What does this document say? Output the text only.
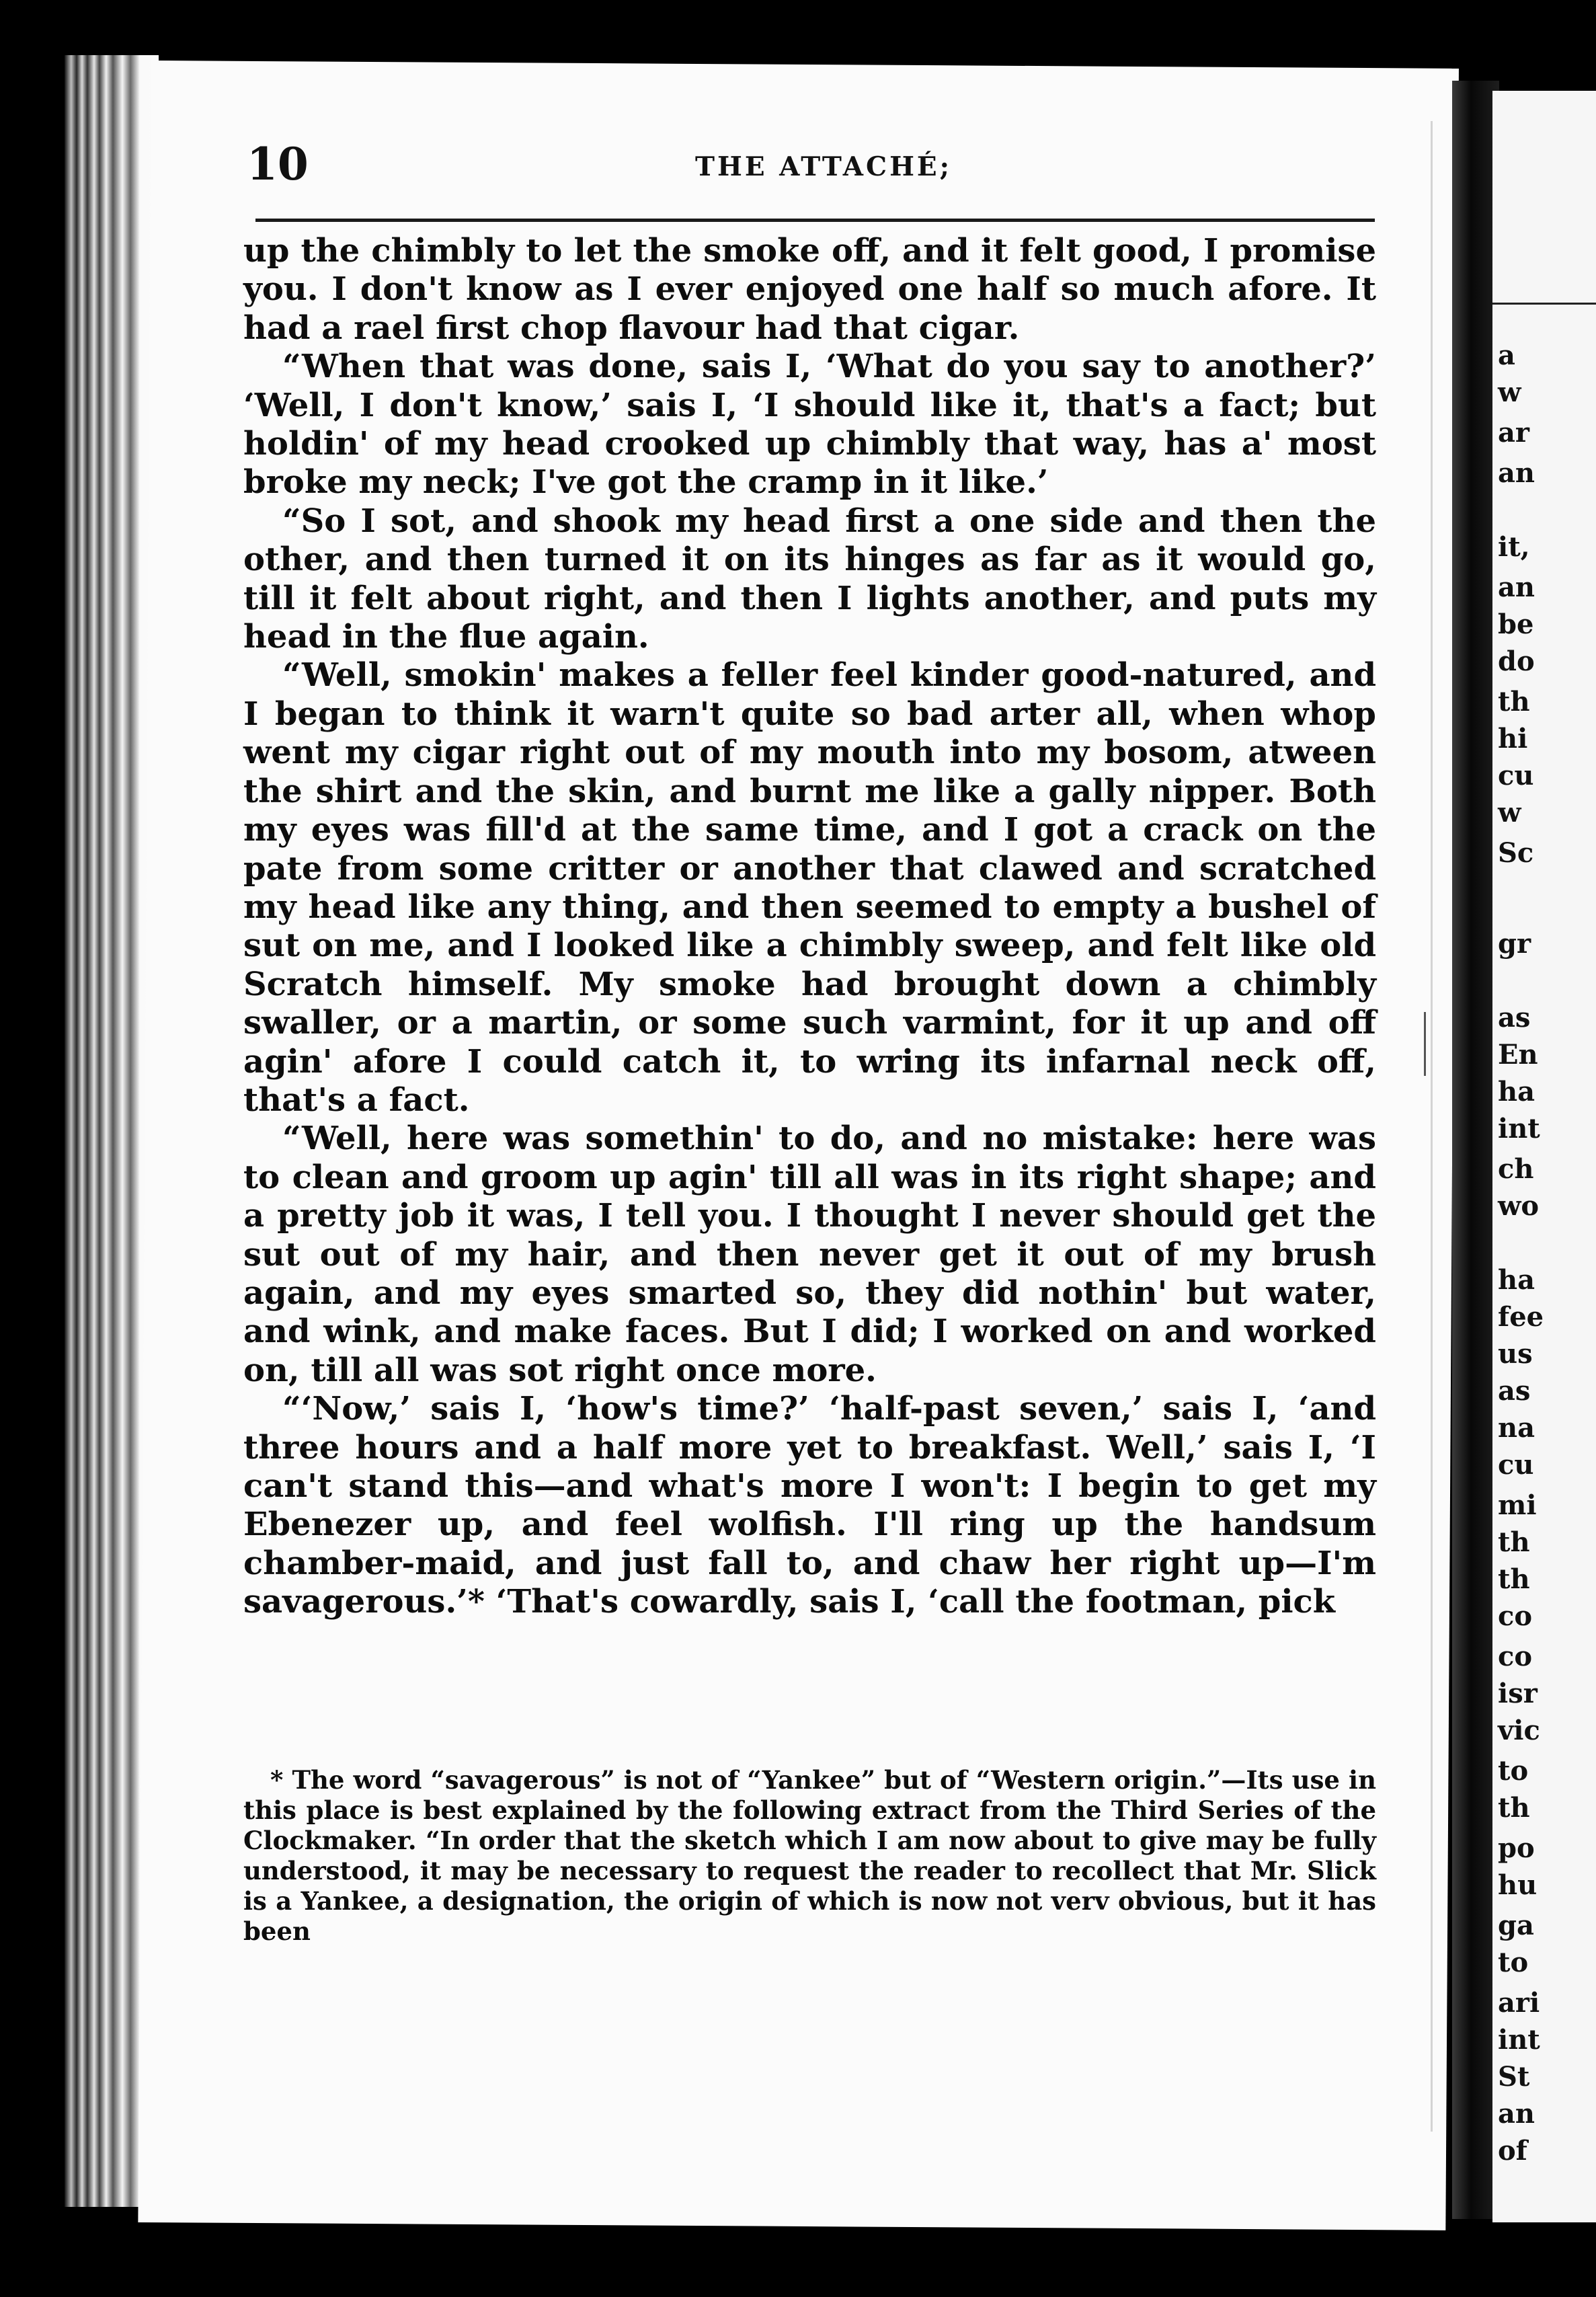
10	THE ATTACHÉ;

up the chimbly to let the smoke off, and it felt good, I promise you. I don't know as I ever enjoyed one half so much afore. It had a rael first chop flavour had that cigar.

“When that was done, sais I, ‘What do you say to another?’ ‘Well, I don't know,’ sais I, ‘I should like it, that's a fact; but holdin' of my head crooked up chimbly that way, has a' most broke my neck; I've got the cramp in it like.’

“So I sot, and shook my head first a one side and then the other, and then turned it on its hinges as far as it would go, till it felt about right, and then I lights another, and puts my head in the flue again.

“Well, smokin' makes a feller feel kinder good-natured, and I began to think it warn't quite so bad arter all, when whop went my cigar right out of my mouth into my bosom, atween the shirt and the skin, and burnt me like a gally nipper. Both my eyes was fill'd at the same time, and I got a crack on the pate from some critter or another that clawed and scratched my head like any thing, and then seemed to empty a bushel of sut on me, and I looked like a chimbly sweep, and felt like old Scratch himself. My smoke had brought down a chimbly swaller, or a martin, or some such varmint, for it up and off agin' afore I could catch it, to wring its infarnal neck off, that's a fact.

“Well, here was somethin' to do, and no mistake: here was to clean and groom up agin' till all was in its right shape; and a pretty job it was, I tell you. I thought I never should get the sut out of my hair, and then never get it out of my brush again, and my eyes smarted so, they did nothin' but water, and wink, and make faces. But I did; I worked on and worked on, till all was sot right once more.

“‘Now,’ sais I, ‘how's time?’ ‘half-past seven,’ sais I, ‘and three hours and a half more yet to breakfast. Well,’ sais I, ‘I can't stand this—and what's more I won't: I begin to get my Ebenezer up, and feel wolfish. I'll ring up the handsum chamber-maid, and just fall to, and chaw her right up—I'm savagerous.’* ‘That's cowardly, sais I, ‘call the footman, pick

* The word “savagerous” is not of “Yankee” but of “Western origin.”—Its use in this place is best explained by the following extract from the Third Series of the Clockmaker. “In order that the sketch which I am now about to give may be fully understood, it may be necessary to request the reader to recollect that Mr. Slick is a Yankee, a designation, the origin of which is now not verv obvious, but it has been
a
w
ar
an
it,
an
be
do
th
hi
cu
w
Sc
gr
as
En
ha
int
ch
wo
ha
fee
us
as
na
cu
mi
th
th
co
co
isr
vic
to
th
po
hu
ga
to
ari
int
St
an
of
